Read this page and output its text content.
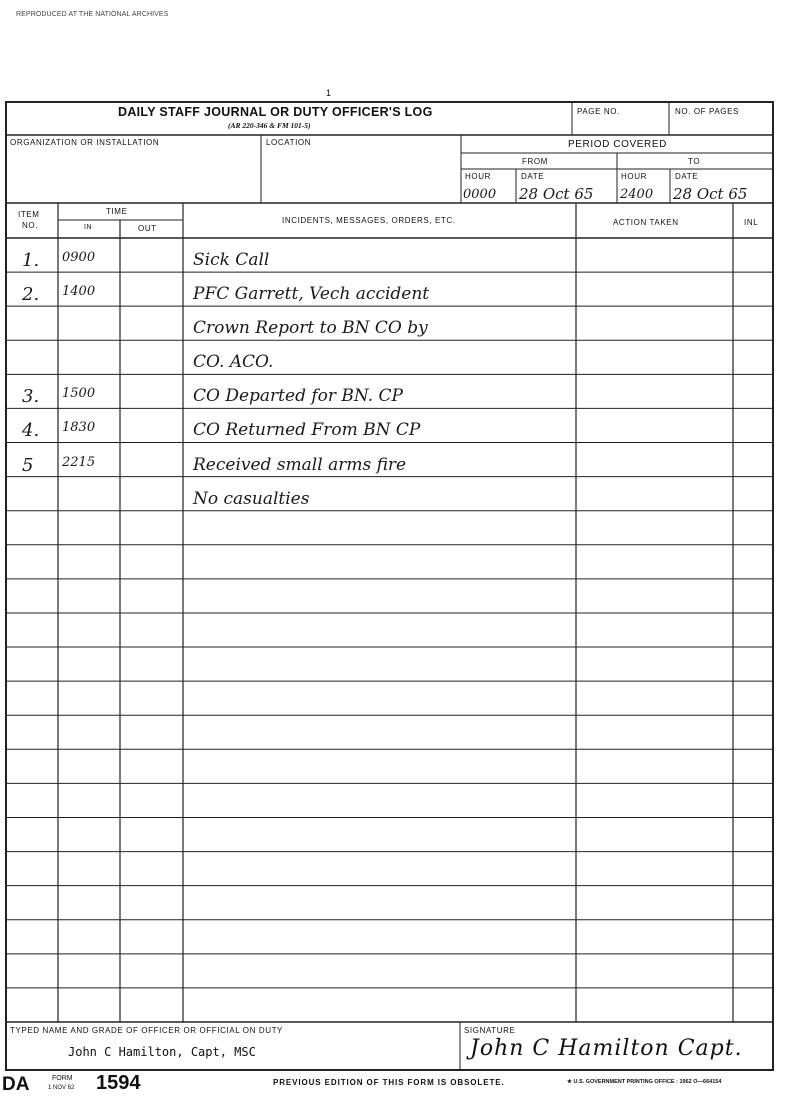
REPRODUCED AT THE NATIONAL ARCHIVES
1
DAILY STAFF JOURNAL OR DUTY OFFICER'S LOG
(AR 220-346 & FM 101-5)
PAGE NO.	NO. OF PAGES
ORGANIZATION OR INSTALLATION	LOCATION	PERIOD COVERED
FROM	TO
HOUR	DATE	HOUR	DATE
0000 28 Oct 65 2400 28 Oct 65
ITEM
NO.
TIME
IN	OUT
INCIDENTS, MESSAGES, ORDERS, ETC.	ACTION TAKEN	INL
1. 0900	Sick Call
2. 1400	PFC Garrett, Vech accident
Crown Report to BN CO by
CO. ACO.
3. 1500	CO Departed for BN. CP
4. 1830	CO Returned From BN CP
5 2215	Received small arms fire
No casualties
TYPED NAME AND GRADE OF OFFICER OR OFFICIAL ON DUTY
John C Hamilton, Capt, MSC
SIGNATURE
John C Hamilton Capt.
DA	FORM
1 NOV 62 1594	PREVIOUS EDITION OF THIS FORM IS OBSOLETE.	★ U.S. GOVERNMENT PRINTING OFFICE : 1962 O—664154
